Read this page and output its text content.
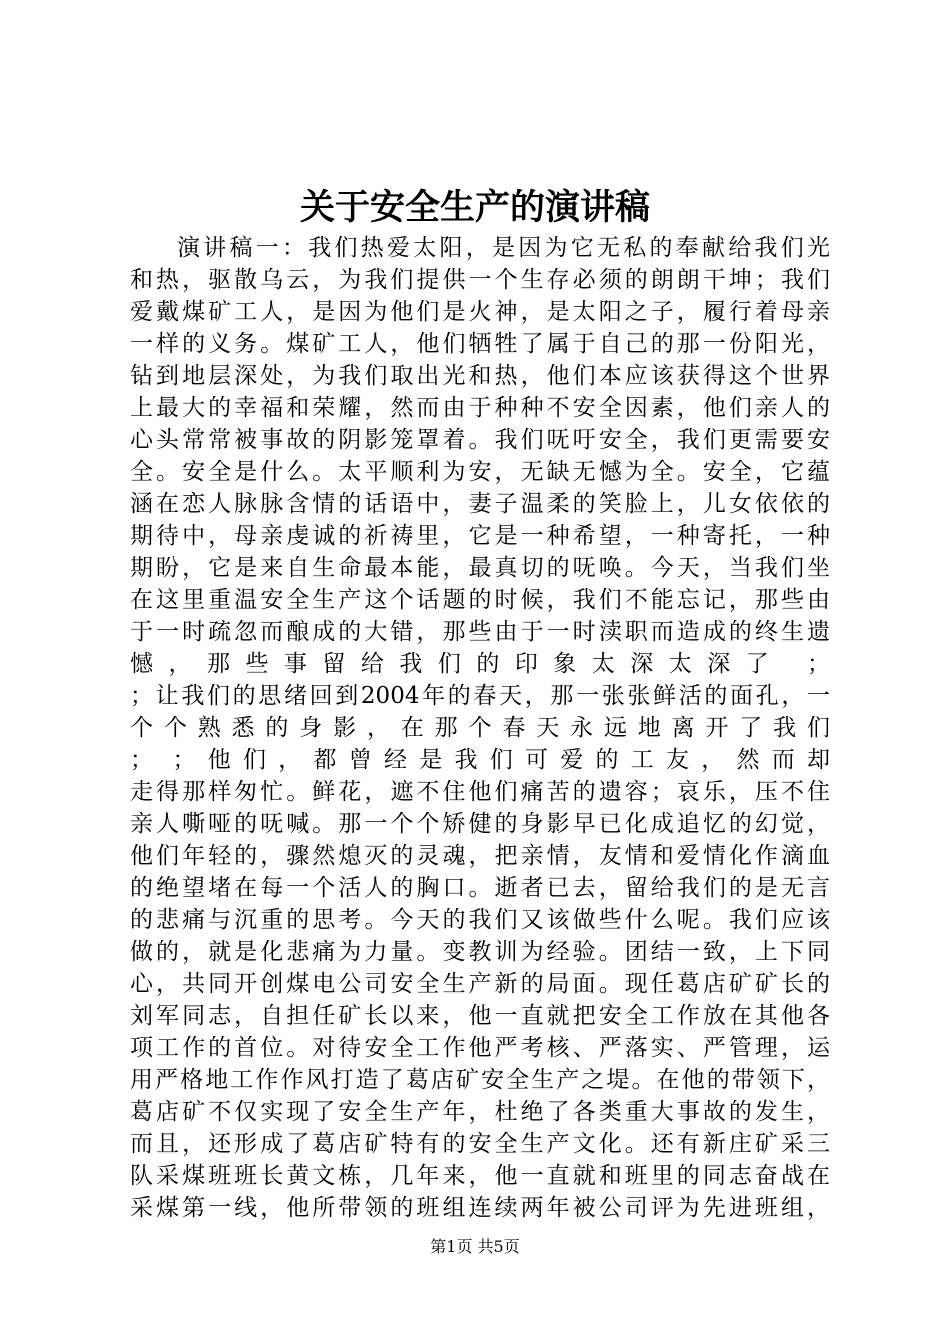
关于安全生产的演讲稿
演讲稿一：我们热爱太阳，是因为它无私的奉献给我们光
和热，驱散乌云，为我们提供一个生存必须的朗朗干坤；我们
爱戴煤矿工人，是因为他们是火神，是太阳之子，履行着母亲
一样的义务。煤矿工人，他们牺牲了属于自己的那一份阳光，
钻到地层深处，为我们取出光和热，他们本应该获得这个世界
上最大的幸福和荣耀，然而由于种种不安全因素，他们亲人的
心头常常被事故的阴影笼罩着。我们呒吁安全，我们更需要安
全。安全是什么。太平顺利为安，无缺无憾为全。安全，它蕴
涵在恋人脉脉含情的话语中，妻子温柔的笑脸上，儿女依依的
期待中，母亲虔诚的祈祷里，它是一种希望，一种寄托，一种
期盼，它是来自生命最本能，最真切的呒唤。今天，当我们坐
在这里重温安全生产这个话题的时候，我们不能忘记，那些由
于一时疏忽而酿成的大错，那些由于一时渎职而造成的终生遗
憾，那些事留给我们的印象太深太深了 ；
；让我们的思绪回到2004年的春天，那一张张鲜活的面孔，一
个 个 熟 悉 的 身 影 ， 在 那 个 春 天 永 远 地 离 开 了 我 们
； ；他们，都曾经是我们可爱的工友，然而却
走得那样匆忙。鲜花，遮不住他们痛苦的遗容；哀乐，压不住
亲人嘶哑的呒喊。那一个个矫健的身影早已化成追忆的幻觉，
他们年轻的，骤然熄灭的灵魂，把亲情，友情和爱情化作滴血
的绝望堵在每一个活人的胸口。逝者已去，留给我们的是无言
的悲痛与沉重的思考。今天的我们又该做些什么呢。我们应该
做的，就是化悲痛为力量。变教训为经验。团结一致，上下同
心，共同开创煤电公司安全生产新的局面。现任葛店矿矿长的
刘军同志，自担任矿长以来，他一直就把安全工作放在其他各
项工作的首位。对待安全工作他严考核、严落实、严管理，运
用严格地工作作风打造了葛店矿安全生产之堤。在他的带领下，
葛店矿不仅实现了安全生产年，杜绝了各类重大事故的发生，
而且，还形成了葛店矿特有的安全生产文化。还有新庄矿采三
队采煤班班长黄文栋，几年来，他一直就和班里的同志奋战在
采煤第一线，他所带领的班组连续两年被公司评为先进班组，
第1页 共5页
